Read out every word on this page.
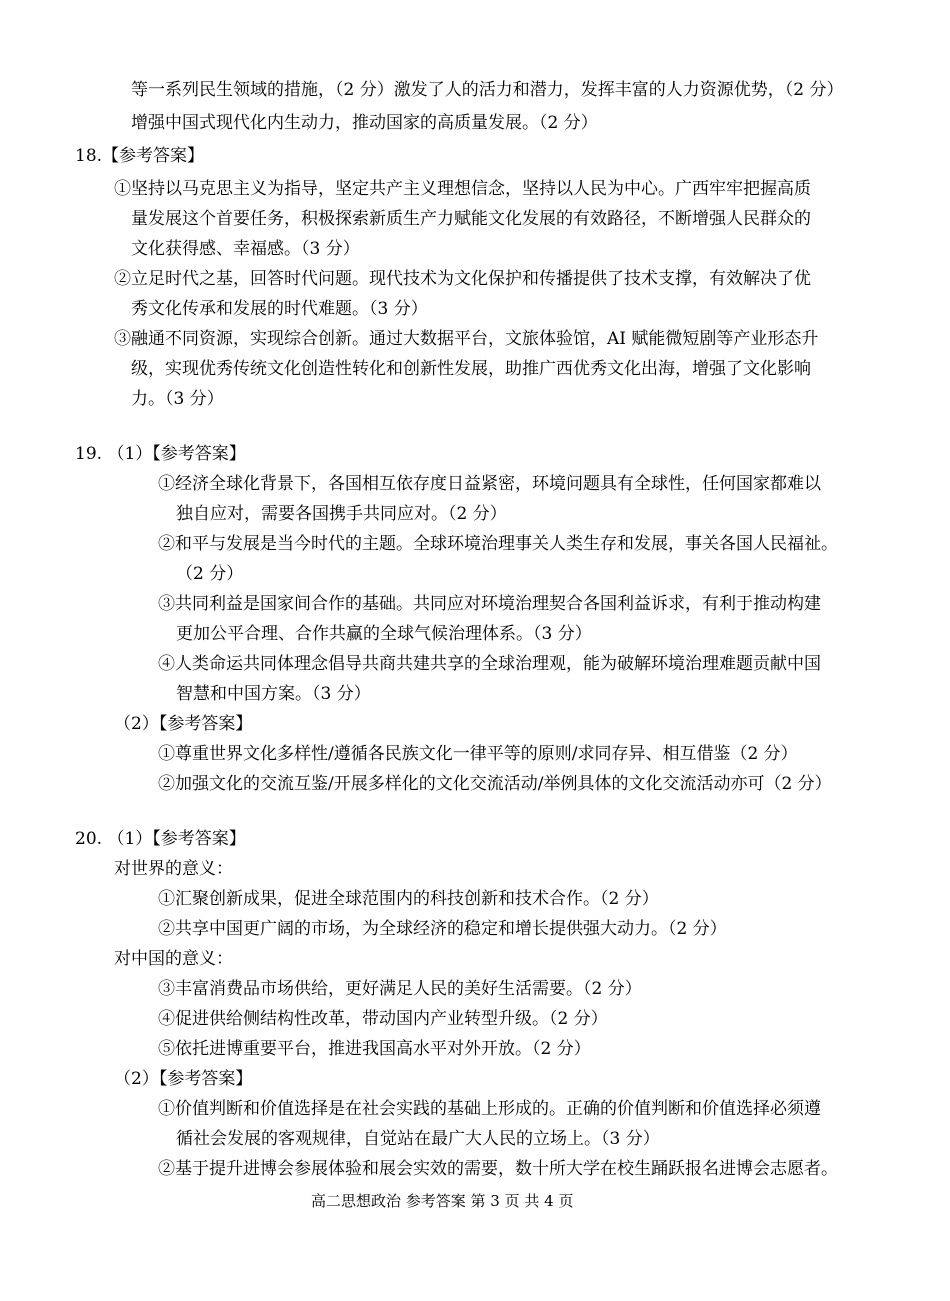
等一系列民生领域的措施，（2 分）激发了人的活力和潜力，发挥丰富的人力资源优势，（2 分）
增强中国式现代化内生动力，推动国家的高质量发展。（2 分）
18.【参考答案】
①坚持以马克思主义为指导，坚定共产主义理想信念，坚持以人民为中心。广西牢牢把握高质
量发展这个首要任务，积极探索新质生产力赋能文化发展的有效路径，不断增强人民群众的
文化获得感、幸福感。（3 分）
②立足时代之基，回答时代问题。现代技术为文化保护和传播提供了技术支撑，有效解决了优
秀文化传承和发展的时代难题。（3 分）
③融通不同资源，实现综合创新。通过大数据平台，文旅体验馆，AI 赋能微短剧等产业形态升
级，实现优秀传统文化创造性转化和创新性发展，助推广西优秀文化出海，增强了文化影响
力。（3 分）
19. （1）【参考答案】
①经济全球化背景下，各国相互依存度日益紧密，环境问题具有全球性，任何国家都难以
独自应对，需要各国携手共同应对。（2 分）
②和平与发展是当今时代的主题。全球环境治理事关人类生存和发展，事关各国人民福祉。
（2 分）
③共同利益是国家间合作的基础。共同应对环境治理契合各国利益诉求，有利于推动构建
更加公平合理、合作共赢的全球气候治理体系。（3 分）
④人类命运共同体理念倡导共商共建共享的全球治理观，能为破解环境治理难题贡献中国
智慧和中国方案。（3 分）
（2）【参考答案】
①尊重世界文化多样性/遵循各民族文化一律平等的原则/求同存异、相互借鉴（2 分）
②加强文化的交流互鉴/开展多样化的文化交流活动/举例具体的文化交流活动亦可（2 分）
20. （1）【参考答案】
对世界的意义：
①汇聚创新成果，促进全球范围内的科技创新和技术合作。（2 分）
②共享中国更广阔的市场，为全球经济的稳定和增长提供强大动力。（2 分）
对中国的意义：
③丰富消费品市场供给，更好满足人民的美好生活需要。（2 分）
④促进供给侧结构性改革，带动国内产业转型升级。（2 分）
⑤依托进博重要平台，推进我国高水平对外开放。（2 分）
（2）【参考答案】
①价值判断和价值选择是在社会实践的基础上形成的。正确的价值判断和价值选择必须遵
循社会发展的客观规律，自觉站在最广大人民的立场上。（3 分）
②基于提升进博会参展体验和展会实效的需要，数十所大学在校生踊跃报名进博会志愿者。
高二思想政治 参考答案 第 3 页 共 4 页
